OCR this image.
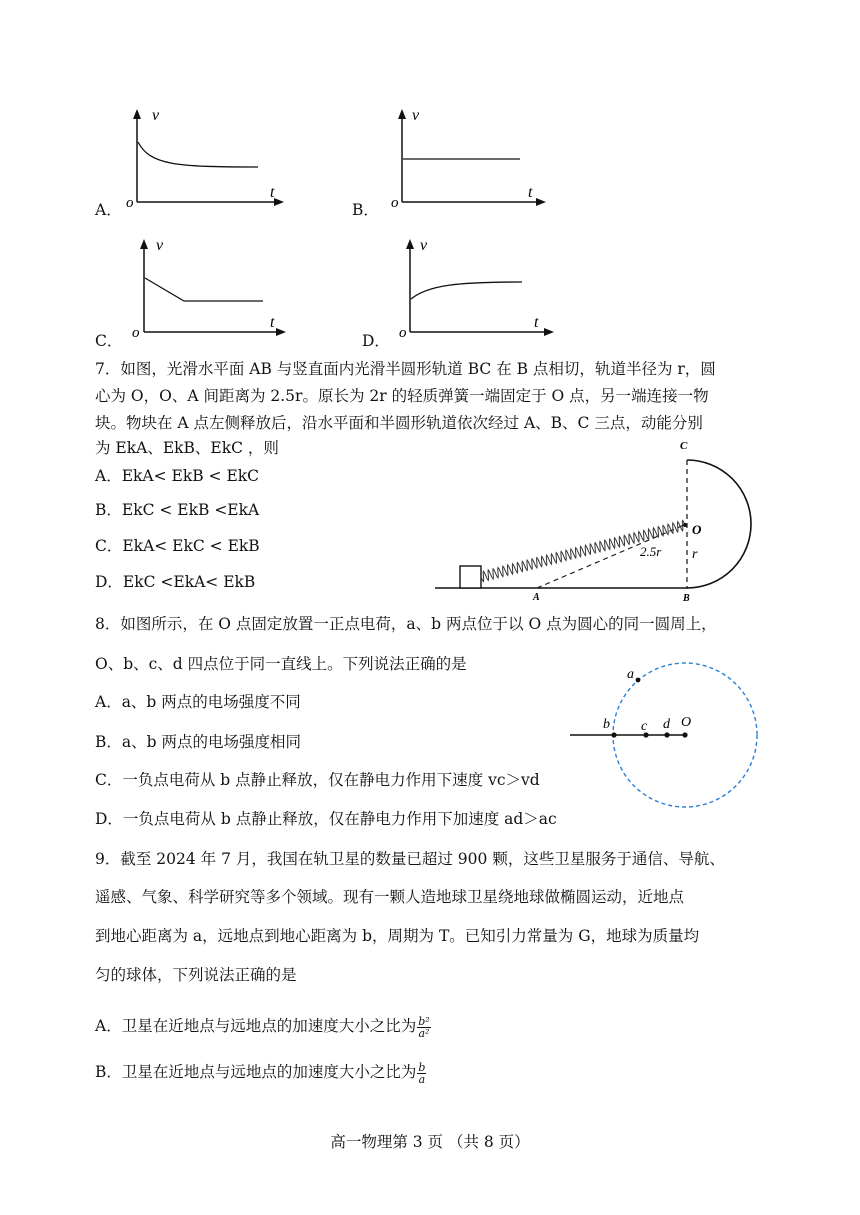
A．
v
t
o	B．
v
t
o
C．
v
t
o	D．
v
t
o
7．如图，光滑水平面 AB 与竖直面内光滑半圆形轨道 BC 在 B 点相切，轨道半径为 r，圆
心为 O，O、A 间距离为 2.5r。原长为 2r 的轻质弹簧一端固定于 O 点，另一端连接一物
块。物块在 A 点左侧释放后，沿水平面和半圆形轨道依次经过 A、B、C 三点，动能分别
为 EkA、EkB、EkC ，则
A．EkA< EkB < EkC
B．EkC < EkB <EkA
C．EkA< EkC < EkB
D．EkC <EkA< EkB
O
C
A	B
2.5r r
8．如图所示，在 O 点固定放置一正点电荷，a、b 两点位于以 O 点为圆心的同一圆周上，
O、b、c、d 四点位于同一直线上。下列说法正确的是
A．a、b 两点的电场强度不同
B．a、b 两点的电场强度相同
C．一负点电荷从 b 点静止释放，仅在静电力作用下速度 vc＞vd
D．一负点电荷从 b 点静止释放，仅在静电力作用下加速度 ad＞ac
a
b c d O
9．截至 2024 年 7 月，我国在轨卫星的数量已超过 900 颗，这些卫星服务于通信、导航、
遥感、气象、科学研究等多个领域。现有一颗人造地球卫星绕地球做椭圆运动，近地点
到地心距离为 a，远地点到地心距离为 b，周期为 T。已知引力常量为 G，地球为质量均
匀的球体，下列说法正确的是
A．卫星在近地点与远地点的加速度大小之比为 $\frac{\text{b²}}{\text{a²}}$
B．卫星在近地点与远地点的加速度大小之比为 $\frac{b}{a}$
高一物理第 3 页 （共 8 页）
